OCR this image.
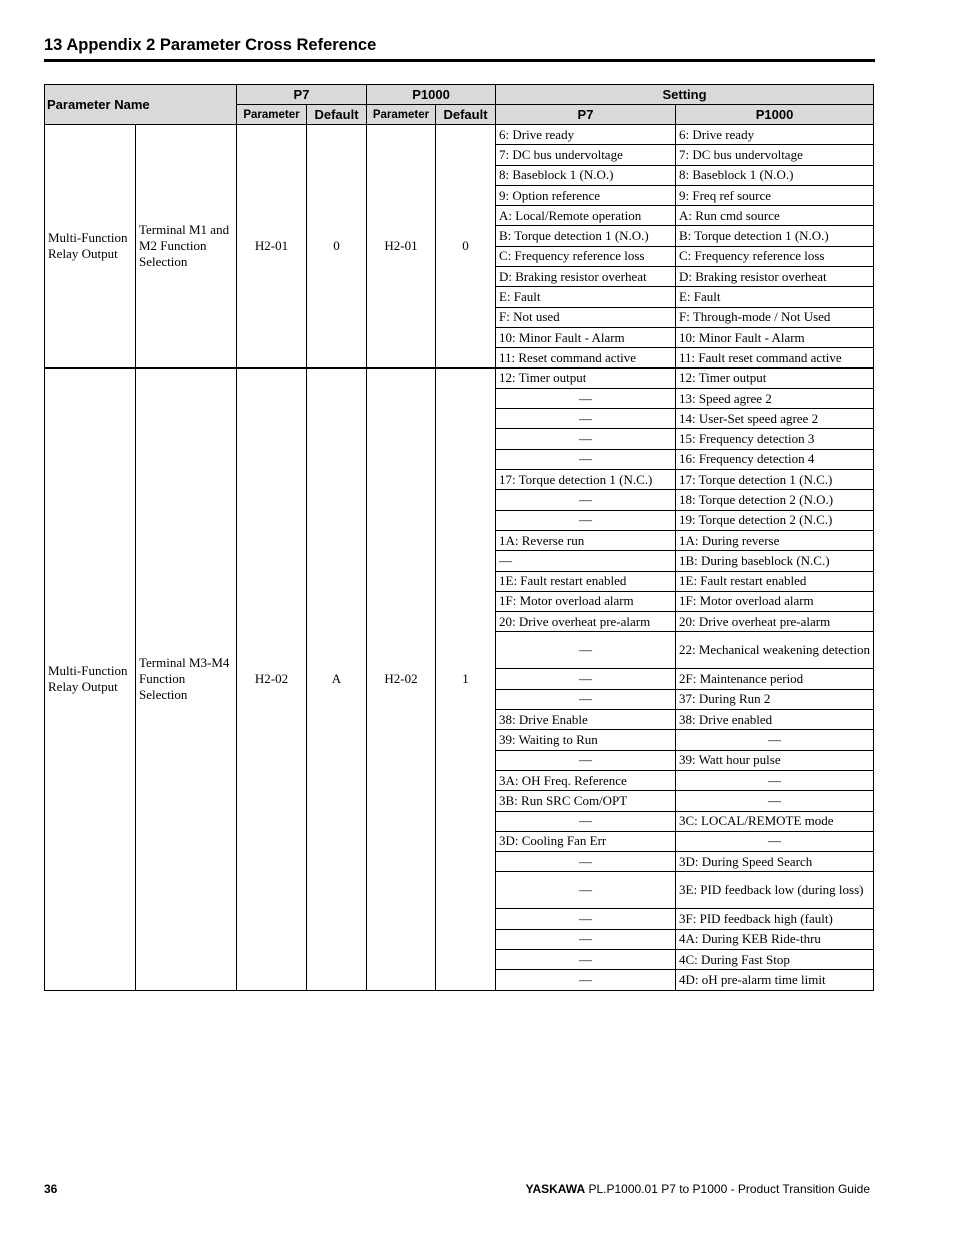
13 Appendix 2 Parameter Cross Reference
Parameter Name		P7		P1000		Setting	
		Parameter	Default	Parameter	Default	P7	P1000
Multi-Function Relay Output	Terminal M1 and M2 Function Selection	H2-01	0	H2-01	0	6: Drive ready	6: Drive ready
						7: DC bus undervoltage	7: DC bus undervoltage
						8: Baseblock 1 (N.O.)	8: Baseblock 1 (N.O.)
						9: Option reference	9: Freq ref source
						A: Local/Remote operation	A: Run cmd source
						B: Torque detection 1 (N.O.)	B: Torque detection 1 (N.O.)
						C: Frequency reference loss	C: Frequency reference loss
						D: Braking resistor overheat	D: Braking resistor overheat
						E: Fault	E: Fault
						F: Not used	F: Through-mode / Not Used
						10: Minor Fault - Alarm	10: Minor Fault - Alarm
						11: Reset command active	11: Fault reset command active
Multi-Function Relay Output	Terminal M3-M4 Function Selection	H2-02	A	H2-02	1	12: Timer output	12: Timer output
						—	13: Speed agree 2
						—	14: User-Set speed agree 2
						—	15: Frequency detection 3
						—	16: Frequency detection 4
						17: Torque detection 1 (N.C.)	17: Torque detection 1 (N.C.)
						—	18: Torque detection 2 (N.O.)
						—	19: Torque detection 2 (N.C.)
						1A: Reverse run	1A: During reverse
						—	1B: During baseblock (N.C.)
						1E: Fault restart enabled	1E: Fault restart enabled
						1F: Motor overload alarm	1F: Motor overload alarm
						20: Drive overheat pre-alarm	20: Drive overheat pre-alarm
						—	22: Mechanical weakening detection
						—	2F: Maintenance period
						—	37: During Run 2
						38: Drive Enable	38: Drive enabled
						39: Waiting to Run	—
						—	39: Watt hour pulse
						3A: OH Freq. Reference	—
						3B: Run SRC Com/OPT	—
						—	3C: LOCAL/REMOTE mode
						3D: Cooling Fan Err	—
						—	3D: During Speed Search
						—	3E: PID feedback low (during loss)
						—	3F: PID feedback high (fault)
						—	4A: During KEB Ride-thru
						—	4C: During Fast Stop
						—	4D: oH pre-alarm time limit
36	YASKAWA PL.P1000.01 P7 to P1000 - Product Transition Guide
